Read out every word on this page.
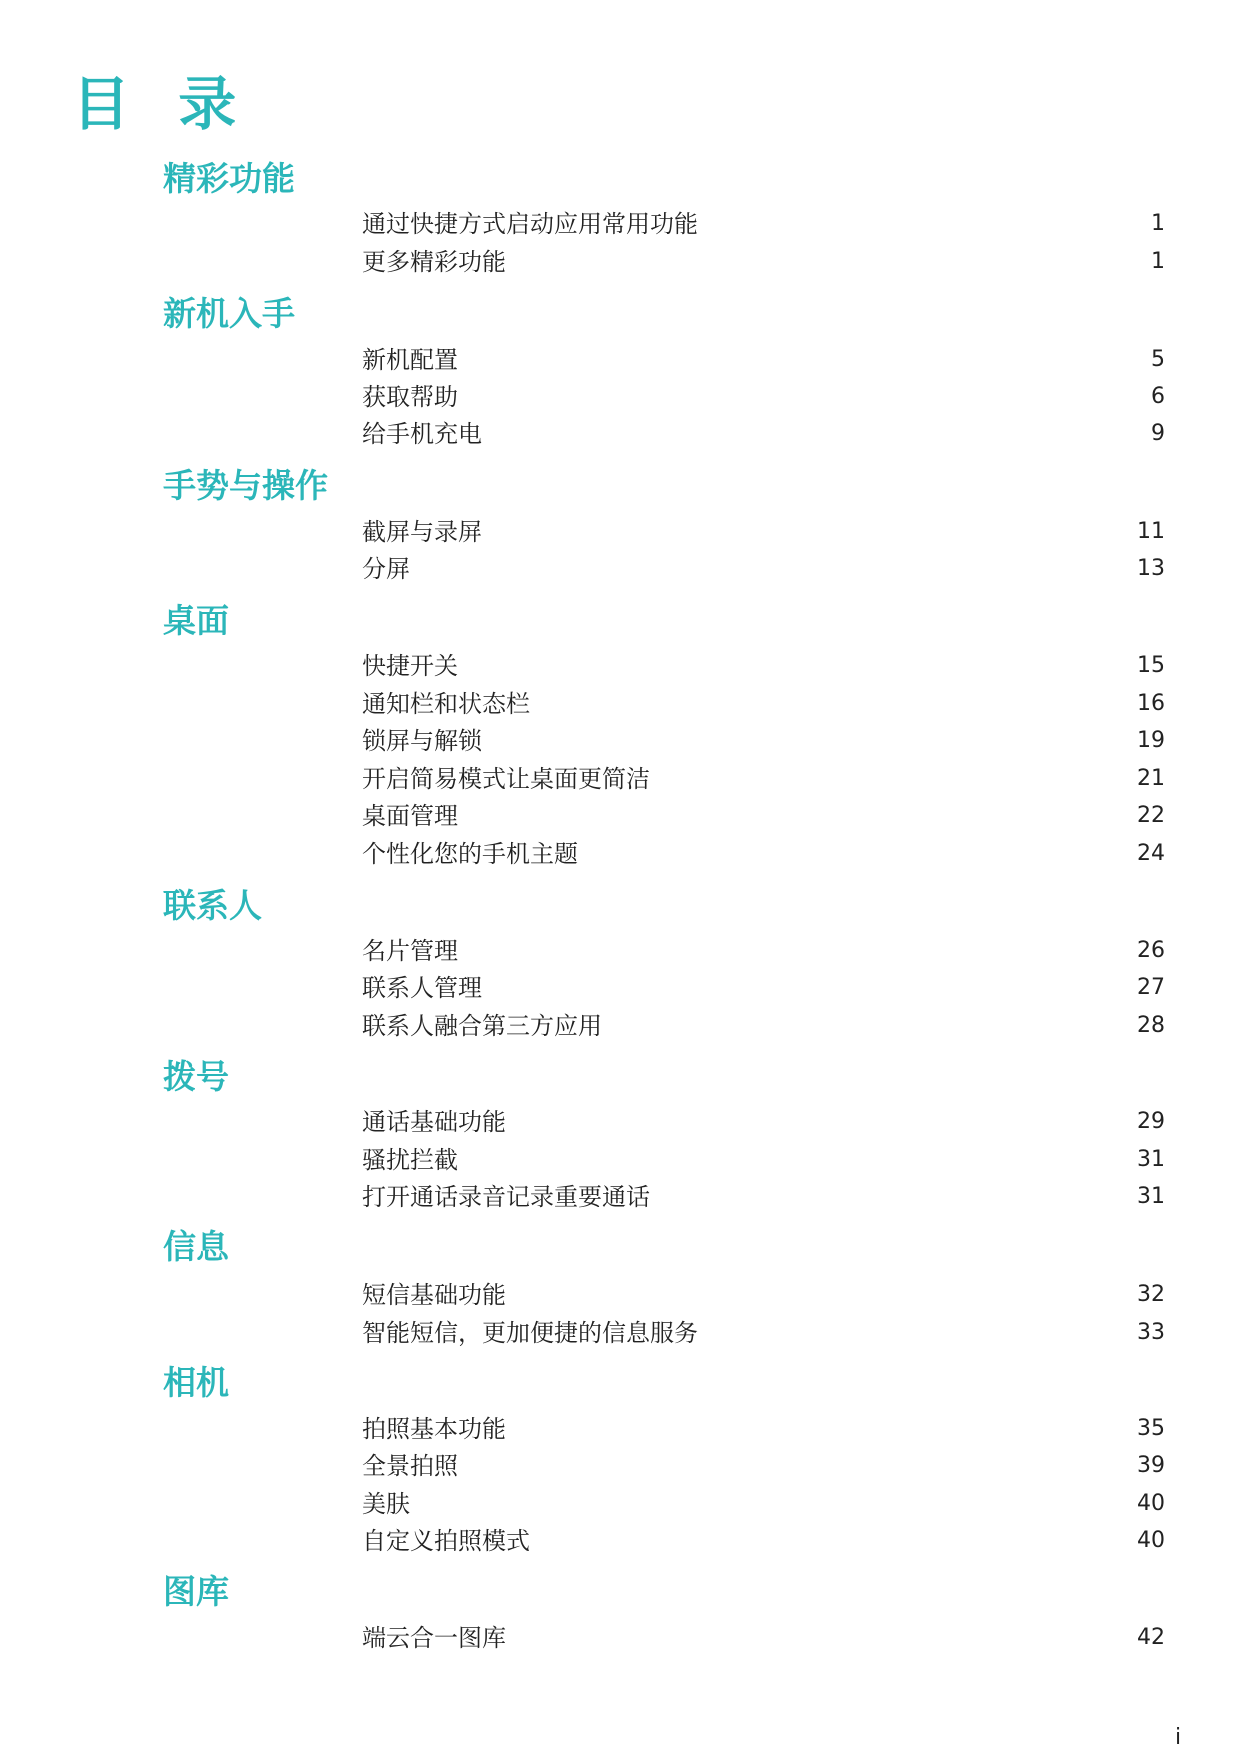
目 录
精彩功能
通过快捷方式启动应用常用功能	1
更多精彩功能	1
新机入手
新机配置	5
获取帮助	6
给手机充电	9
手势与操作
截屏与录屏	11
分屏	13
桌面
快捷开关	15
通知栏和状态栏	16
锁屏与解锁	19
开启简易模式让桌面更简洁	21
桌面管理	22
个性化您的手机主题	24
联系人
名片管理	26
联系人管理	27
联系人融合第三方应用	28
拨号
通话基础功能	29
骚扰拦截	31
打开通话录音记录重要通话	31
信息
短信基础功能	32
智能短信，更加便捷的信息服务	33
相机
拍照基本功能	35
全景拍照	39
美肤	40
自定义拍照模式	40
图库
端云合一图库	42
i
